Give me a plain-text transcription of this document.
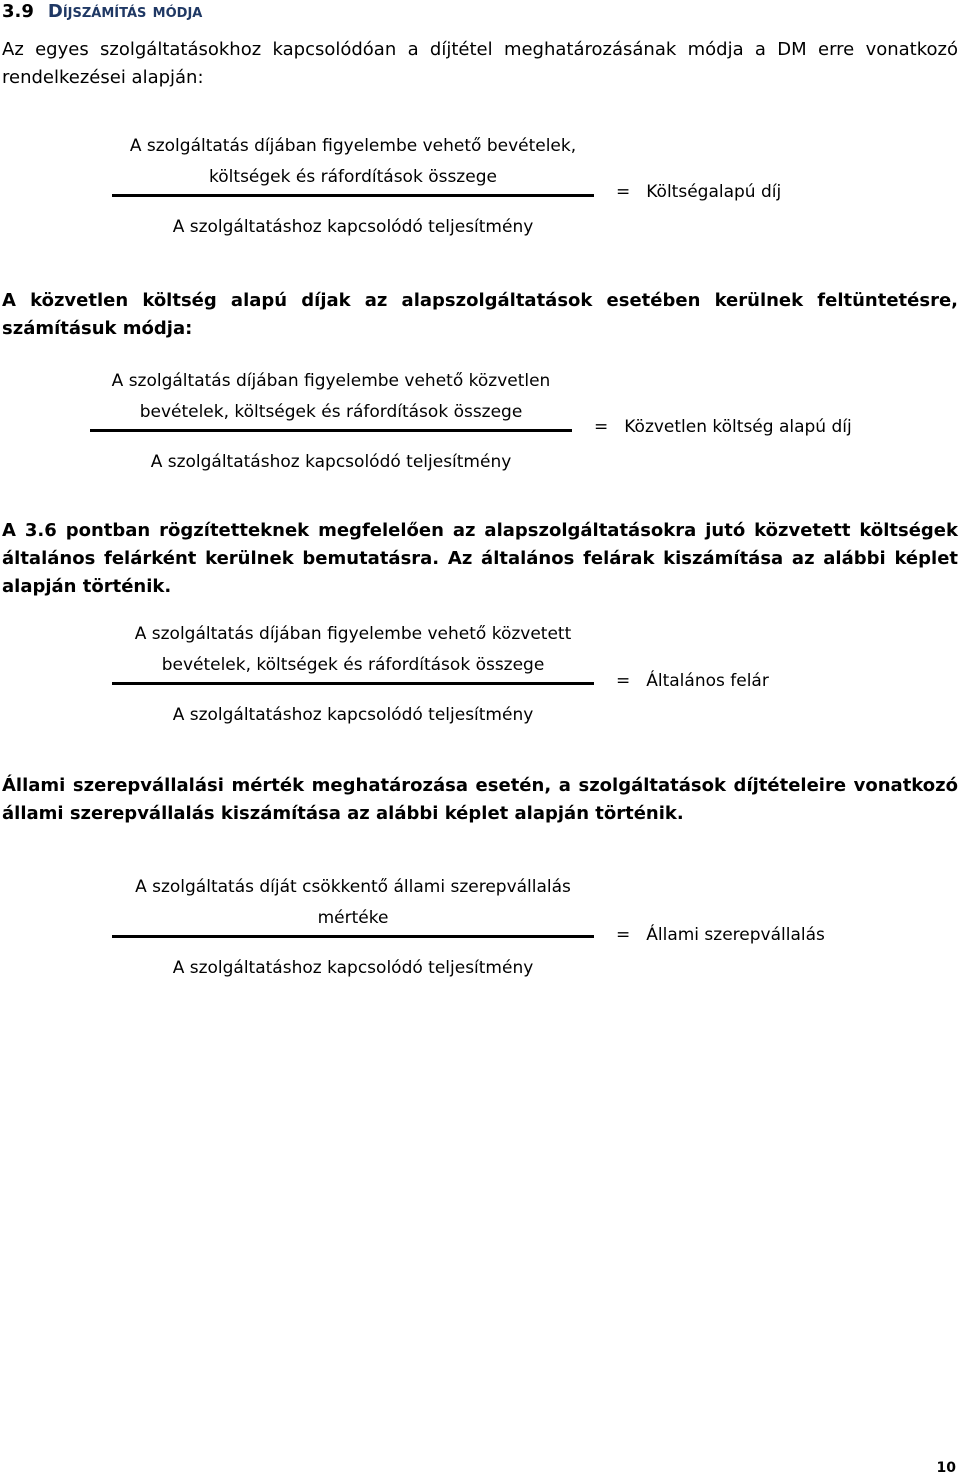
3.9 Díjszámítás módja
Az egyes szolgáltatásokhoz kapcsolódóan a díjtétel meghatározásának módja a DM erre vonatkozó rendelkezései alapján:
A szolgáltatás díjában figyelembe vehető bevételek,
költségek és ráfordítások összege
A szolgáltatáshoz kapcsolódó teljesítmény
= Költségalapú díj
A közvetlen költség alapú díjak az alapszolgáltatások esetében kerülnek feltüntetésre, számításuk módja:
A szolgáltatás díjában figyelembe vehető közvetlen
bevételek, költségek és ráfordítások összege
A szolgáltatáshoz kapcsolódó teljesítmény
= Közvetlen költség alapú díj
A 3.6 pontban rögzítetteknek megfelelően az alapszolgáltatásokra jutó közvetett költségek általános felárként kerülnek bemutatásra. Az általános felárak kiszámítása az alábbi képlet alapján történik.
A szolgáltatás díjában figyelembe vehető közvetett
bevételek, költségek és ráfordítások összege
A szolgáltatáshoz kapcsolódó teljesítmény
= Általános felár
Állami szerepvállalási mérték meghatározása esetén, a szolgáltatások díjtételeire vonatkozó állami szerepvállalás kiszámítása az alábbi képlet alapján történik.
A szolgáltatás díját csökkentő állami szerepvállalás
mértéke
A szolgáltatáshoz kapcsolódó teljesítmény
= Állami szerepvállalás
10
